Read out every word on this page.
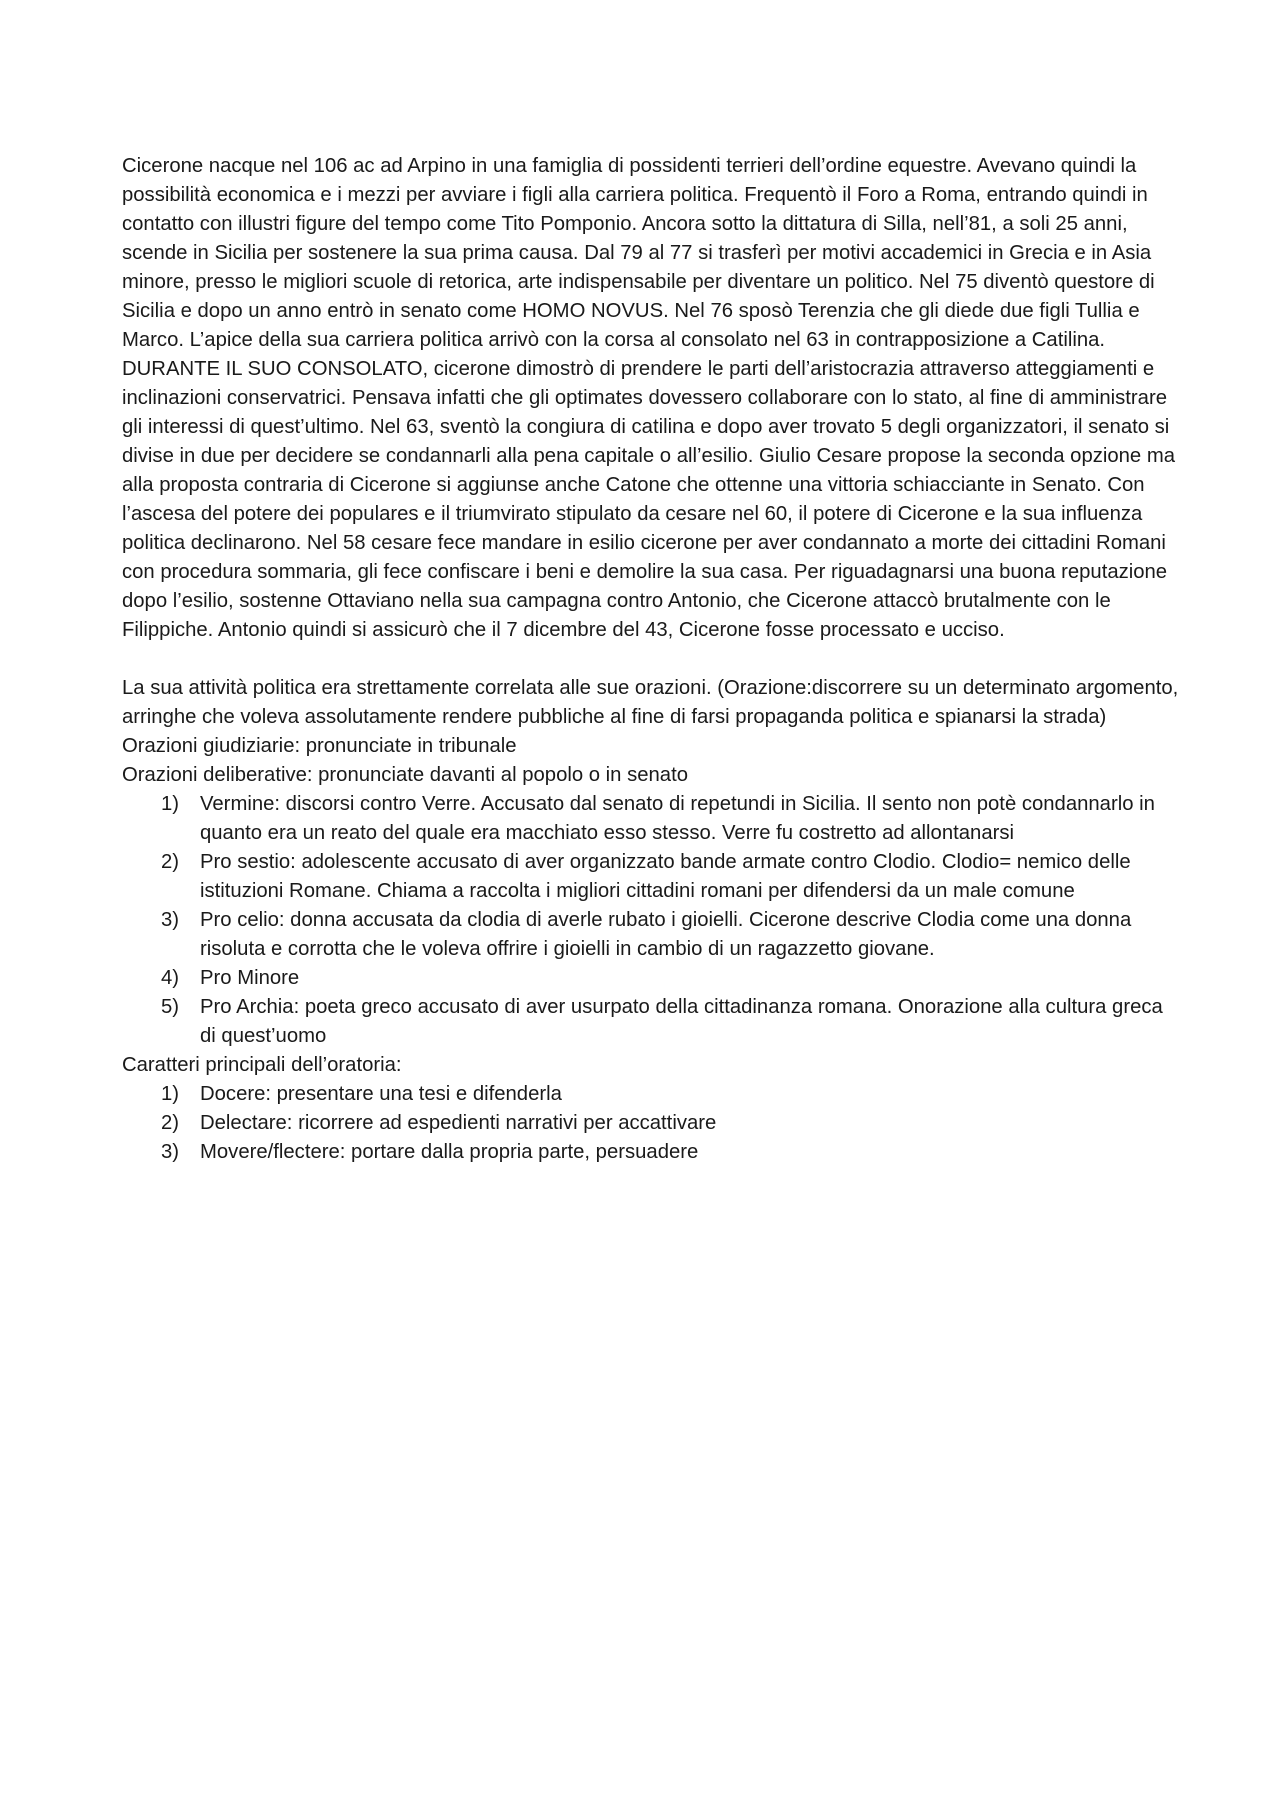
Cicerone nacque nel 106 ac ad Arpino in una famiglia di possidenti terrieri dell’ordine equestre. Avevano quindi la possibilità economica e i mezzi per avviare i figli alla carriera politica. Frequentò il Foro a Roma, entrando quindi in contatto con illustri figure del tempo come Tito Pomponio. Ancora sotto la dittatura di Silla, nell’81, a soli 25 anni, scende in Sicilia per sostenere la sua prima causa. Dal 79 al 77 si trasferì per motivi accademici in Grecia e in Asia minore, presso le migliori scuole di retorica, arte indispensabile per diventare un politico. Nel 75 diventò questore di Sicilia e dopo un anno entrò in senato come HOMO NOVUS. Nel 76 sposò Terenzia che gli diede due figli Tullia e Marco. L’apice della sua carriera politica arrivò con la corsa al consolato nel 63 in contrapposizione a Catilina.

DURANTE IL SUO CONSOLATO, cicerone dimostrò di prendere le parti dell’aristocrazia attraverso atteggiamenti e inclinazioni conservatrici. Pensava infatti che gli optimates dovessero collaborare con lo stato, al fine di amministrare gli interessi di quest’ultimo. Nel 63, sventò la congiura di catilina e dopo aver trovato 5 degli organizzatori, il senato si divise in due per decidere se condannarli alla pena capitale o all’esilio. Giulio Cesare propose la seconda opzione ma alla proposta contraria di Cicerone si aggiunse anche Catone che ottenne una vittoria schiacciante in Senato. Con l’ascesa del potere dei populares e il triumvirato stipulato da cesare nel 60, il potere di Cicerone e la sua influenza politica declinarono. Nel 58 cesare fece mandare in esilio cicerone per aver condannato a morte dei cittadini Romani con procedura sommaria, gli fece confiscare i beni e demolire la sua casa. Per riguadagnarsi una buona reputazione dopo l’esilio, sostenne Ottaviano nella sua campagna contro Antonio, che Cicerone attaccò brutalmente con le Filippiche. Antonio quindi si assicurò che il 7 dicembre del 43, Cicerone fosse processato e ucciso.

La sua attività politica era strettamente correlata alle sue orazioni. (Orazione:discorrere su un determinato argomento, arringhe che voleva assolutamente rendere pubbliche al fine di farsi propaganda politica e spianarsi la strada)

Orazioni giudiziarie: pronunciate in tribunale

Orazioni deliberative: pronunciate davanti al popolo o in senato

1) Vermine: discorsi contro Verre. Accusato dal senato di repetundi in Sicilia. Il sento non potè condannarlo in quanto era un reato del quale era macchiato esso stesso. Verre fu costretto ad allontanarsi
2) Pro sestio: adolescente accusato di aver organizzato bande armate contro Clodio. Clodio= nemico delle istituzioni Romane. Chiama a raccolta i migliori cittadini romani per difendersi da un male comune
3) Pro celio: donna accusata da clodia di averle rubato i gioielli. Cicerone descrive Clodia come una donna risoluta e corrotta che le voleva offrire i gioielli in cambio di un ragazzetto giovane.
4) Pro Minore
5) Pro Archia: poeta greco accusato di aver usurpato della cittadinanza romana. Onorazione alla cultura greca di quest’uomo

Caratteri principali dell’oratoria:

1) Docere: presentare una tesi e difenderla
2) Delectare: ricorrere ad espedienti narrativi per accattivare
3) Movere/flectere: portare dalla propria parte, persuadere
